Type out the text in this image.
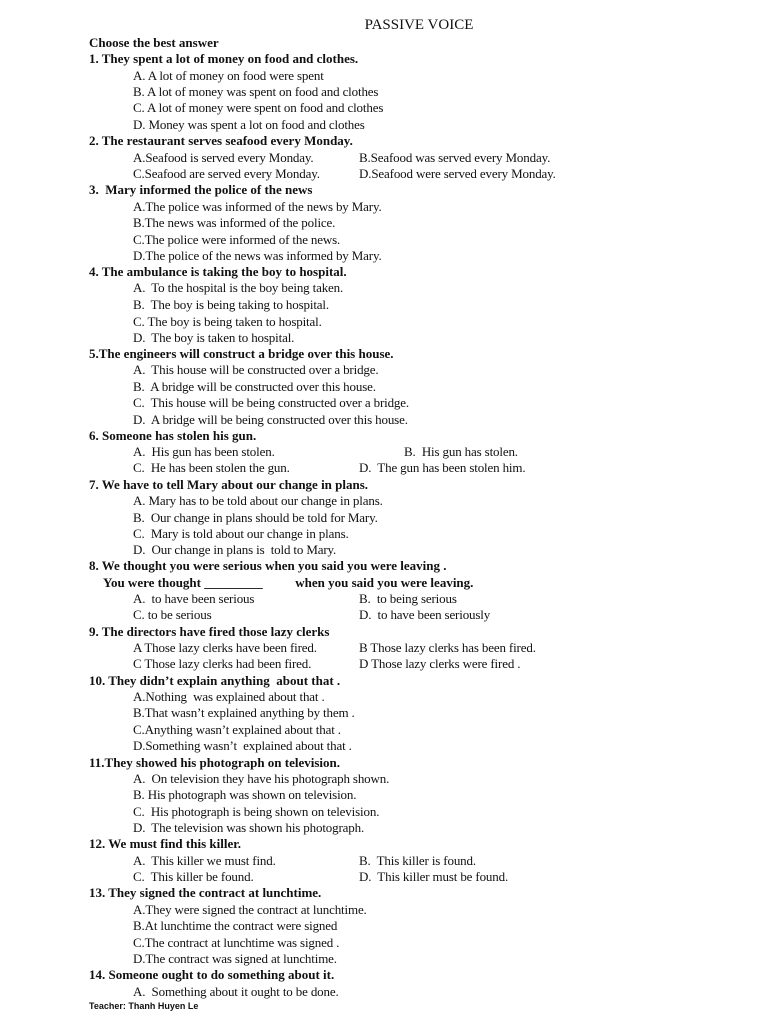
PASSIVE VOICE
Choose the best answer
1. They spent a lot of money on food and clothes.
A. A lot of money on food were spent
B. A lot of money was spent on food and clothes
C. A lot of money were spent on food and clothes
D. Money was spent a lot on food and clothes
2. The restaurant serves seafood every Monday.
A.Seafood is served every Monday.	B.Seafood was served every Monday.
C.Seafood are served every Monday.	D.Seafood were served every Monday.
3.  Mary informed the police of the news
A.The police was informed of the news by Mary.
B.The news was informed of the police.
C.The police were informed of the news.
D.The police of the news was informed by Mary.
4. The ambulance is taking the boy to hospital.
A.  To the hospital is the boy being taken.
B.  The boy is being taking to hospital.
C. The boy is being taken to hospital.
D.  The boy is taken to hospital.
5.The engineers will construct a bridge over this house.
A.  This house will be constructed over a bridge.
B.  A bridge will be constructed over this house.
C.  This house will be being constructed over a bridge.
D.  A bridge will be being constructed over this house.
6. Someone has stolen his gun.
A.  His gun has been stolen.	B.  His gun has stolen.
C.  He has been stolen the gun.	D.  The gun has been stolen him.
7. We have to tell Mary about our change in plans.
A. Mary has to be told about our change in plans.
B.  Our change in plans should be told for Mary.
C.  Mary is told about our change in plans.
D.  Our change in plans is  told to Mary.
8. We thought you were serious when you said you were leaving .
You were thought _________          when you said you were leaving.
A.  to have been serious	B.  to being serious
C. to be serious	D.  to have been seriously
9. The directors have fired those lazy clerks
A Those lazy clerks have been fired.	B Those lazy clerks has been fired.
C Those lazy clerks had been fired.	D Those lazy clerks were fired .
10. They didn’t explain anything  about that .
A.Nothing  was explained about that .
B.That wasn’t explained anything by them .
C.Anything wasn’t explained about that .
D.Something wasn’t  explained about that .
11.They showed his photograph on television.
A.  On television they have his photograph shown.
B. His photograph was shown on television.
C.  His photograph is being shown on television.
D.  The television was shown his photograph.
12. We must find this killer.
A.  This killer we must find.	B.  This killer is found.
C.  This killer be found.	D.  This killer must be found.
13. They signed the contract at lunchtime.
A.They were signed the contract at lunchtime.
B.At lunchtime the contract were signed
C.The contract at lunchtime was signed .
D.The contract was signed at lunchtime.
14. Someone ought to do something about it.
A.  Something about it ought to be done.
Teacher: Thanh Huyen Le
